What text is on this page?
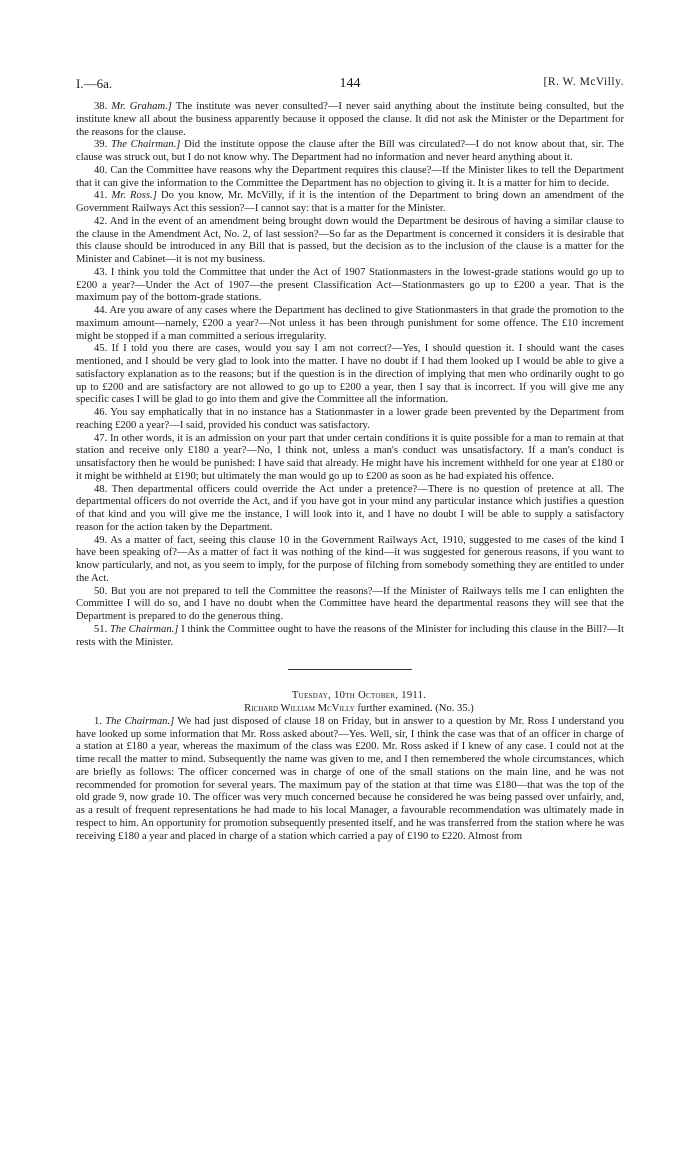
I.—6a.	144	[R. W. McVilly.

38. Mr. Graham.] The institute was never consulted?—I never said anything about the institute being consulted, but the institute knew all about the business apparently because it opposed the clause. It did not ask the Minister or the Department for the reasons for the clause.

39. The Chairman.] Did the institute oppose the clause after the Bill was circulated?—I do not know about that, sir. The clause was struck out, but I do not know why. The Department had no information and never heard anything about it.

40. Can the Committee have reasons why the Department requires this clause?—If the Minister likes to tell the Department that it can give the information to the Committee the Department has no objection to giving it. It is a matter for him to decide.

41. Mr. Ross.] Do you know, Mr. McVilly, if it is the intention of the Department to bring down an amendment of the Government Railways Act this session?—I cannot say: that is a matter for the Minister.

42. And in the event of an amendment being brought down would the Department be desirous of having a similar clause to the clause in the Amendment Act, No. 2, of last session?—So far as the Department is concerned it considers it is desirable that this clause should be introduced in any Bill that is passed, but the decision as to the inclusion of the clause is a matter for the Minister and Cabinet—it is not my business.

43. I think you told the Committee that under the Act of 1907 Stationmasters in the lowest-grade stations would go up to £200 a year?—Under the Act of 1907—the present Classification Act—Stationmasters go up to £200 a year. That is the maximum pay of the bottom-grade stations.

44. Are you aware of any cases where the Department has declined to give Stationmasters in that grade the promotion to the maximum amount—namely, £200 a year?—Not unless it has been through punishment for some offence. The £10 increment might be stopped if a man committed a serious irregularity.

45. If I told you there are cases, would you say I am not correct?—Yes, I should question it. I should want the cases mentioned, and I should be very glad to look into the matter. I have no doubt if I had them looked up I would be able to give a satisfactory explanation as to the reasons; but if the question is in the direction of implying that men who ordinarily ought to go up to £200 and are satisfactory are not allowed to go up to £200 a year, then I say that is incorrect. If you will give me any specific cases I will be glad to go into them and give the Committee all the information.

46. You say emphatically that in no instance has a Stationmaster in a lower grade been prevented by the Department from reaching £200 a year?—I said, provided his conduct was satisfactory.

47. In other words, it is an admission on your part that under certain conditions it is quite possible for a man to remain at that station and receive only £180 a year?—No, I think not, unless a man's conduct was unsatisfactory. If a man's conduct is unsatisfactory then he would be punished: I have said that already. He might have his increment withheld for one year at £180 or it might be withheld at £190; but ultimately the man would go up to £200 as soon as he had expiated his offence.

48. Then departmental officers could override the Act under a pretence?—There is no question of pretence at all. The departmental officers do not override the Act, and if you have got in your mind any particular instance which justifies a question of that kind and you will give me the instance, I will look into it, and I have no doubt I will be able to supply a satisfactory reason for the action taken by the Department.

49. As a matter of fact, seeing this clause 10 in the Government Railways Act, 1910, suggested to me cases of the kind I have been speaking of?—As a matter of fact it was nothing of the kind—it was suggested for generous reasons, if you want to know particularly, and not, as you seem to imply, for the purpose of filching from somebody something they are entitled to under the Act.

50. But you are not prepared to tell the Committee the reasons?—If the Minister of Railways tells me I can enlighten the Committee I will do so, and I have no doubt when the Committee have heard the departmental reasons they will see that the Department is prepared to do the generous thing.

51. The Chairman.] I think the Committee ought to have the reasons of the Minister for including this clause in the Bill?—It rests with the Minister.

Tuesday, 10th October, 1911.

Richard William McVilly further examined. (No. 35.)

1. The Chairman.] We had just disposed of clause 18 on Friday, but in answer to a question by Mr. Ross I understand you have looked up some information that Mr. Ross asked about?—Yes. Well, sir, I think the case was that of an officer in charge of a station at £180 a year, whereas the maximum of the class was £200. Mr. Ross asked if I knew of any case. I could not at the time recall the matter to mind. Subsequently the name was given to me, and I then remembered the whole circumstances, which are briefly as follows: The officer concerned was in charge of one of the small stations on the main line, and he was not recommended for promotion for several years. The maximum pay of the station at that time was £180—that was the top of the old grade 9, now grade 10. The officer was very much concerned because he considered he was being passed over unfairly, and, as a result of frequent representations he had made to his local Manager, a favourable recommendation was ultimately made in respect to him. An opportunity for promotion subsequently presented itself, and he was transferred from the station where he was receiving £180 a year and placed in charge of a station which carried a pay of £190 to £220. Almost from
